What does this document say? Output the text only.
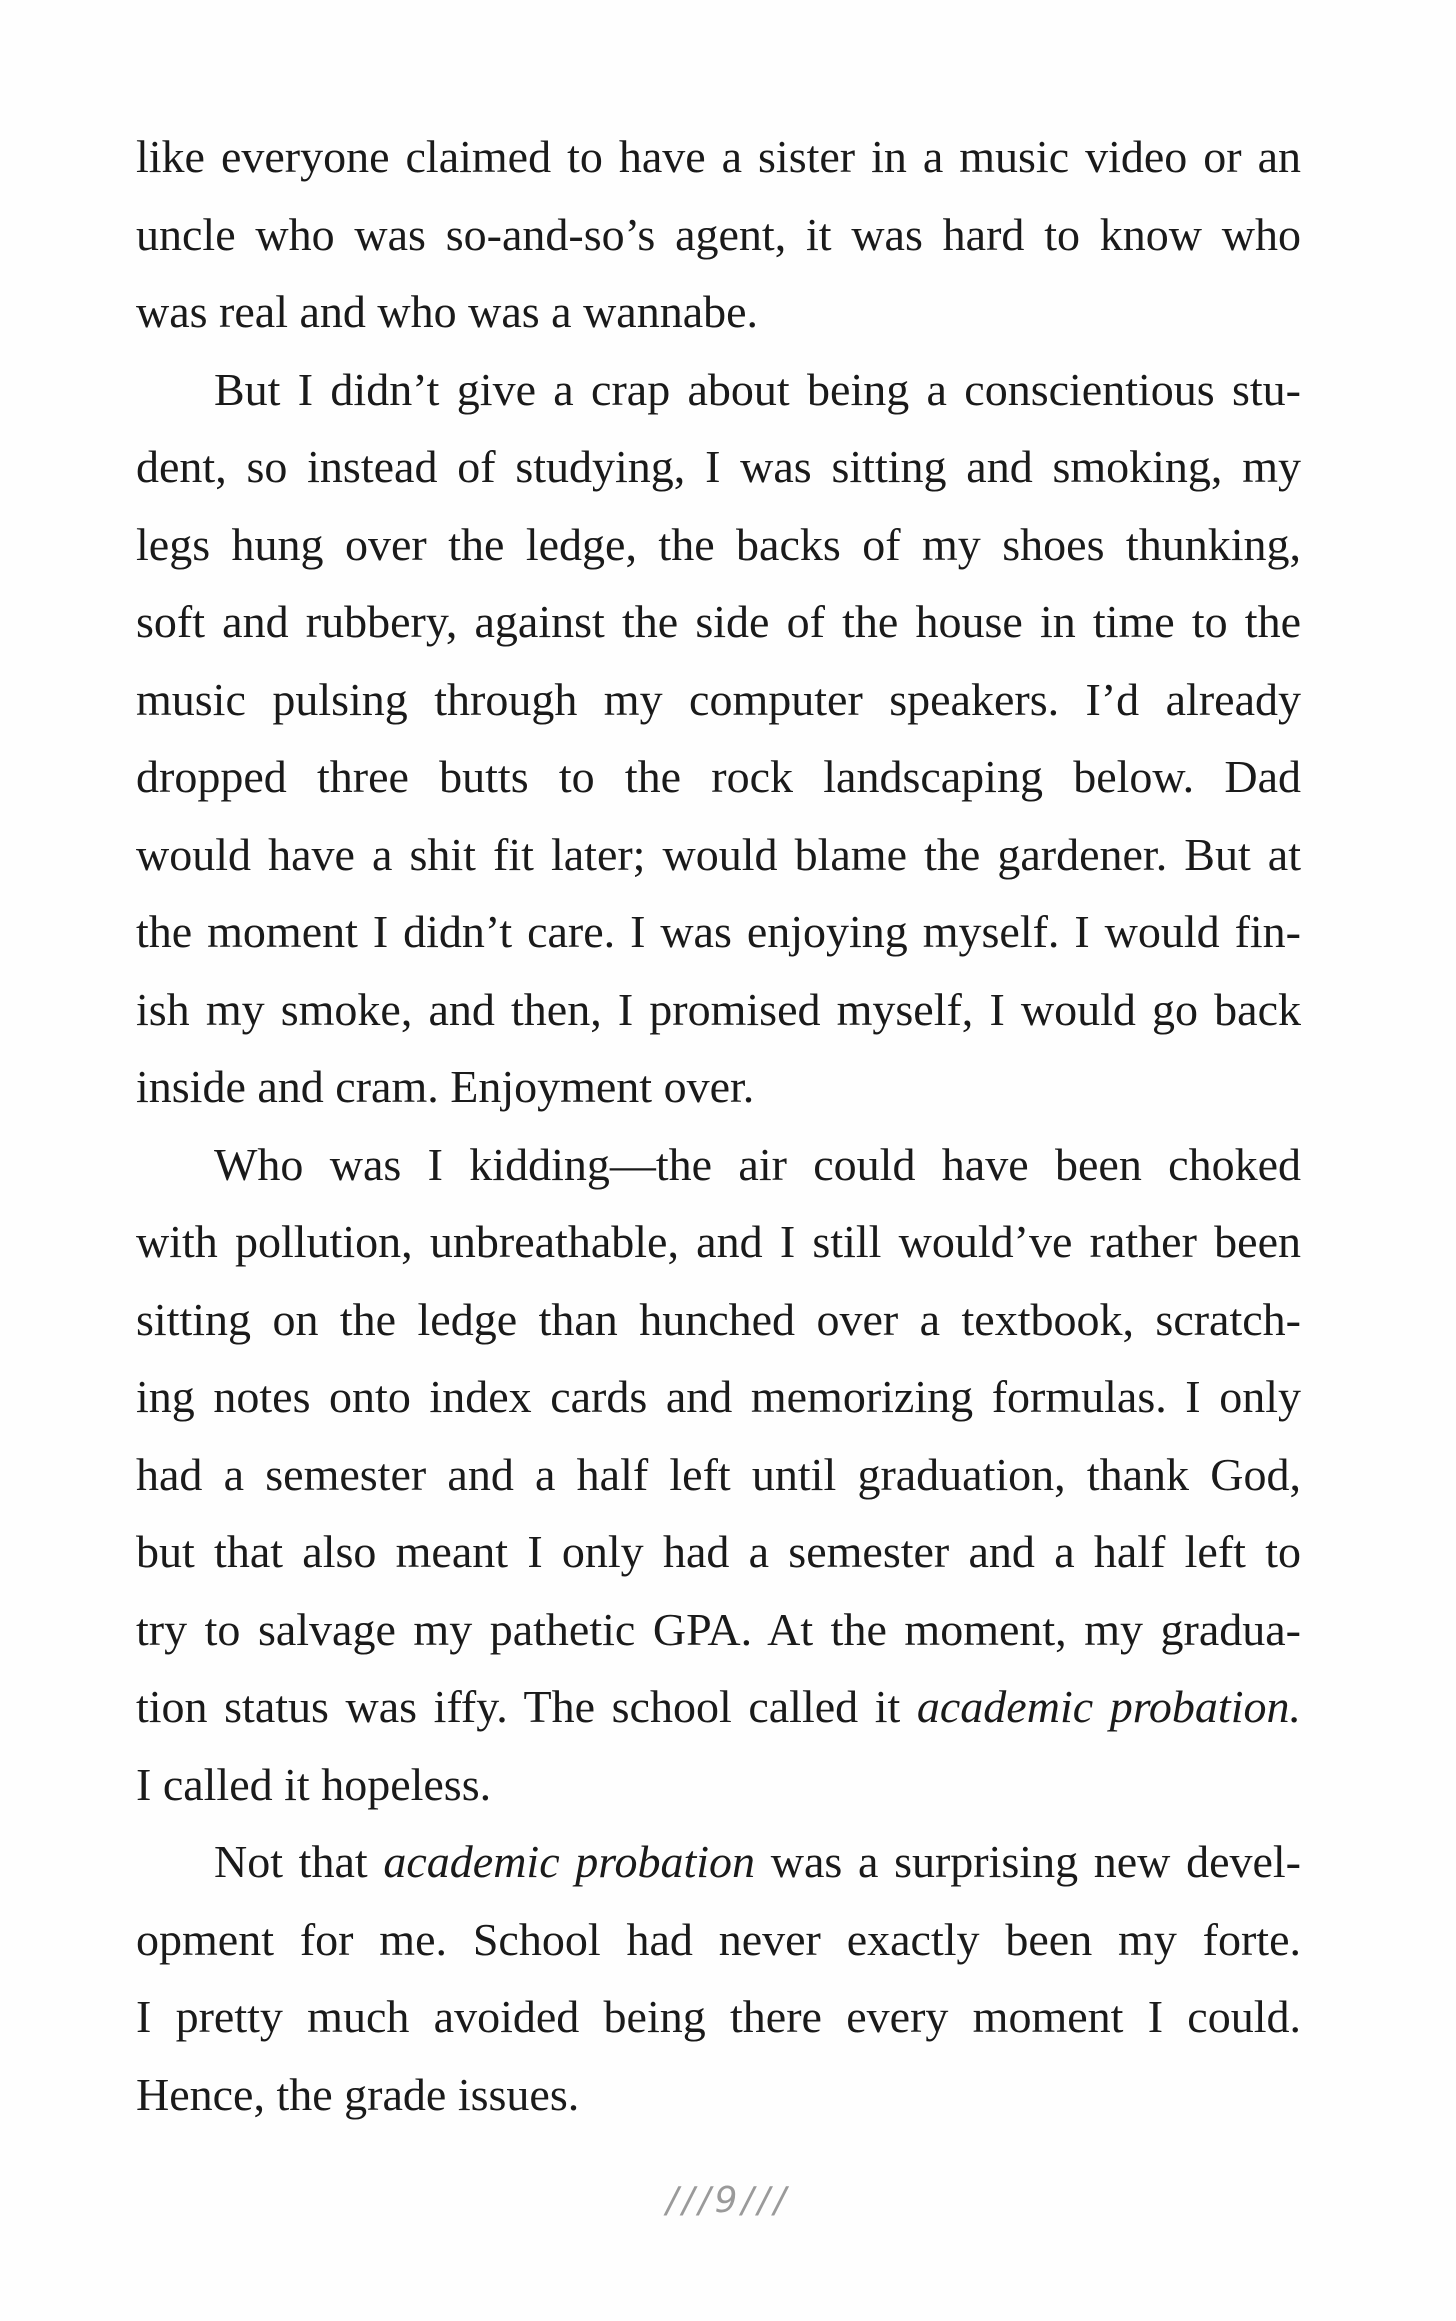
like everyone claimed to have a sister in a music video or an
uncle who was so-and-so’s agent, it was hard to know who
was real and who was a wannabe.

But I didn’t give a crap about being a conscientious stu-
dent, so instead of studying, I was sitting and smoking, my
legs hung over the ledge, the backs of my shoes thunking,
soft and rubbery, against the side of the house in time to the
music pulsing through my computer speakers. I’d already
dropped three butts to the rock landscaping below. Dad
would have a shit fit later; would blame the gardener. But at
the moment I didn’t care. I was enjoying myself. I would fin-
ish my smoke, and then, I promised myself, I would go back
inside and cram. Enjoyment over.

Who was I kidding—the air could have been choked
with pollution, unbreathable, and I still would’ve rather been
sitting on the ledge than hunched over a textbook, scratch-
ing notes onto index cards and memorizing formulas. I only
had a semester and a half left until graduation, thank God,
but that also meant I only had a semester and a half left to
try to salvage my pathetic GPA. At the moment, my gradua-
tion status was iffy. The school called it academic probation.
I called it hopeless.

Not that academic probation was a surprising new devel-
opment for me. School had never exactly been my forte.
I pretty much avoided being there every moment I could.
Hence, the grade issues.

///9///
